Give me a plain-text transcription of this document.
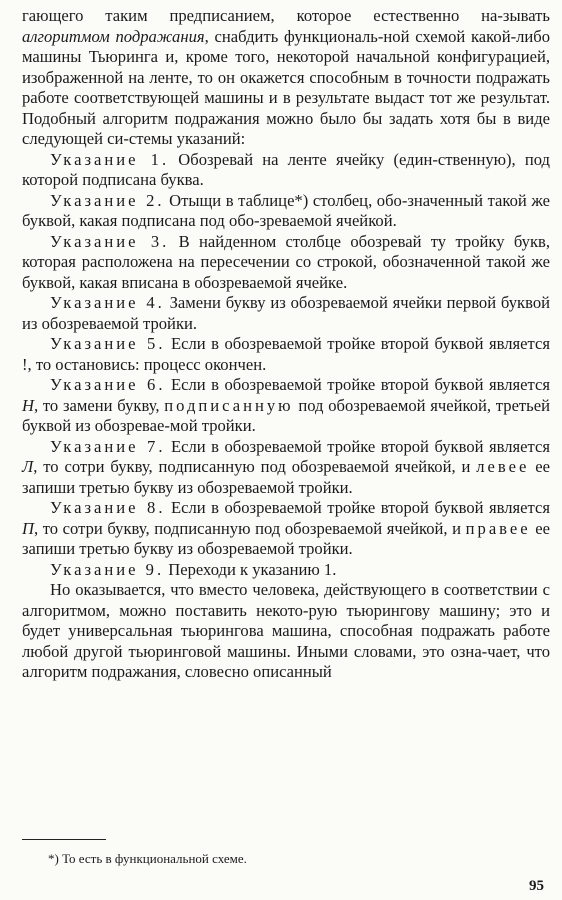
гающего таким предписанием, которое естественно на-зывать алгоритмом подражания, снабдить функциональ-ной схемой какой-либо машины Тьюринга и, кроме того, некоторой начальной конфигурацией, изображенной на ленте, то он окажется способным в точности подражать работе соответствующей машины и в результате выдаст тот же результат. Подобный алгоритм подражания можно было бы задать хотя бы в виде следующей си-стемы указаний:

Указание 1. Обозревай на ленте ячейку (един-ственную), под которой подписана буква.

Указание 2. Отыщи в таблице*) столбец, обо-значенный такой же буквой, какая подписана под обо-зреваемой ячейкой.

Указание 3. В найденном столбце обозревай ту тройку букв, которая расположена на пересечении со строкой, обозначенной такой же буквой, какая вписана в обозреваемой ячейке.

Указание 4. Замени букву из обозреваемой ячейки первой буквой из обозреваемой тройки.

Указание 5. Если в обозреваемой тройке второй буквой является !, то остановись: процесс окончен.

Указание 6. Если в обозреваемой тройке второй буквой является Н, то замени букву, подписанную под обозреваемой ячейкой, третьей буквой из обозревае-мой тройки.

Указание 7. Если в обозреваемой тройке второй буквой является Л, то сотри букву, подписанную под обозреваемой ячейкой, и левее ее запиши третью букву из обозреваемой тройки.

Указание 8. Если в обозреваемой тройке второй буквой является П, то сотри букву, подписанную под обозреваемой ячейкой, и правее ее запиши третью букву из обозреваемой тройки.

Указание 9. Переходи к указанию 1.

Но оказывается, что вместо человека, действующего в соответствии с алгоритмом, можно поставить некото-рую тьюрингову машину; это и будет универсальная тьюрингова машина, способная подражать работе любой другой тьюринговой машины. Иными словами, это озна-чает, что алгоритм подражания, словесно описанный

*) То есть в функциональной схеме.
95
